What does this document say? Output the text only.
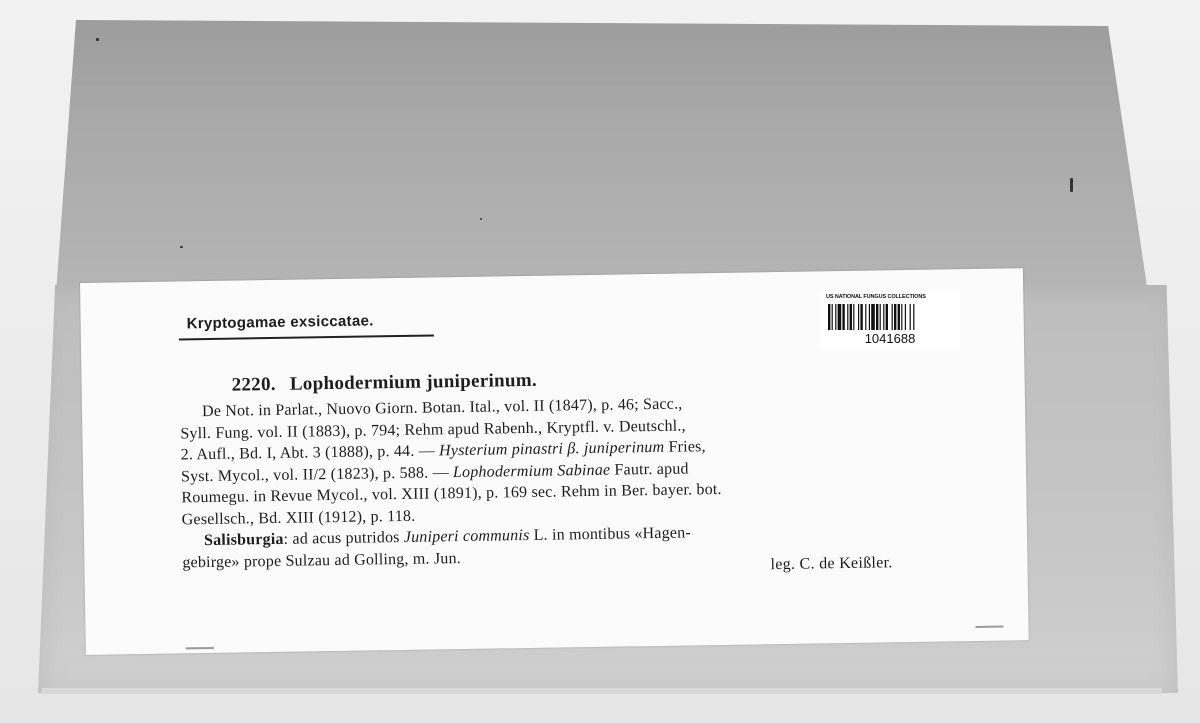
Kryptogamae exsiccatae.
2220. Lophodermium juniperinum.
De Not. in Parlat., Nuovo Giorn. Botan. Ital., vol. II (1847), p. 46; Sacc.,
Syll. Fung. vol. II (1883), p. 794; Rehm apud Rabenh., Kryptfl. v. Deutschl.,
2. Aufl., Bd. I, Abt. 3 (1888), p. 44. — Hysterium pinastri β. juniperinum Fries,
Syst. Mycol., vol. II/2 (1823), p. 588. — Lophodermium Sabinae Fautr. apud
Roumegu. in Revue Mycol., vol. XIII (1891), p. 169 sec. Rehm in Ber. bayer. bot.
Gesellsch., Bd. XIII (1912), p. 118.
Salisburgia: ad acus putridos Juniperi communis L. in montibus «Hagen-
gebirge» prope Sulzau ad Golling, m. Jun.	leg. C. de Keißler.
US NATIONAL FUNGUS COLLECTIONS
1041688
